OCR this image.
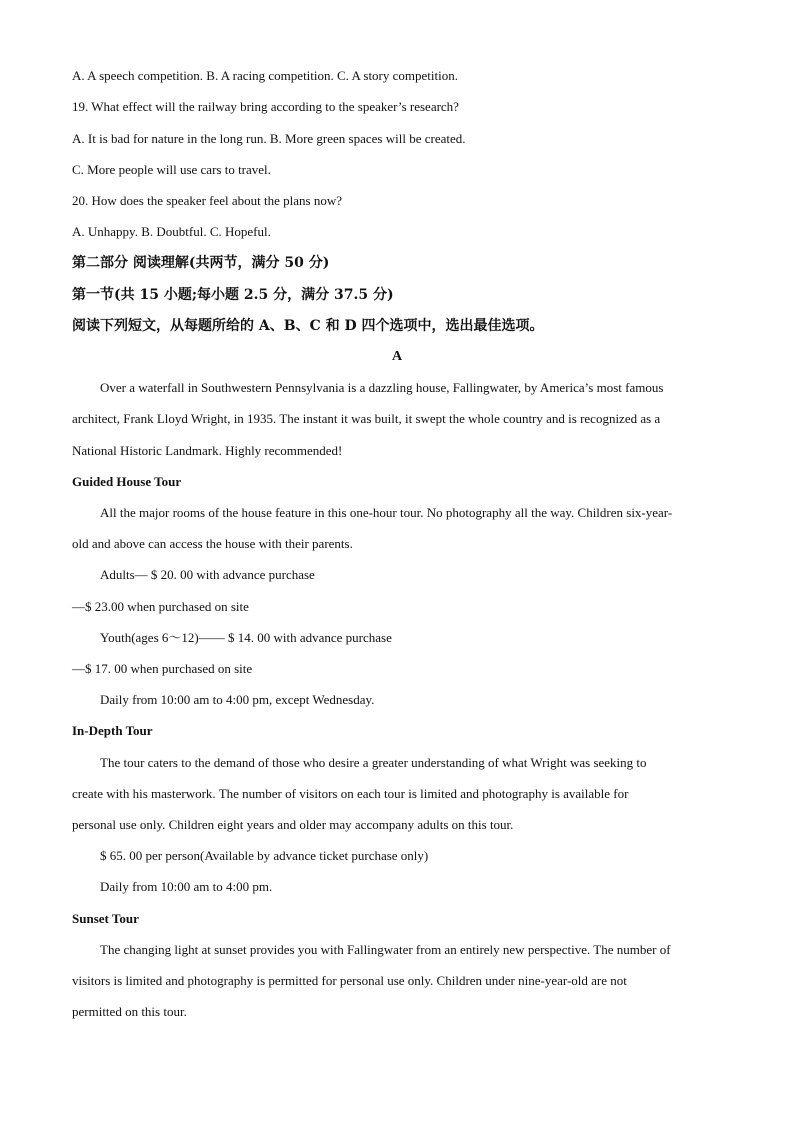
A. A speech competition. B. A racing competition. C. A story competition.
19. What effect will the railway bring according to the speaker’s research?
A. It is bad for nature in the long run. B. More green spaces will be created.
C. More people will use cars to travel.
20. How does the speaker feel about the plans now?
A. Unhappy. B. Doubtful. C. Hopeful.
第二部分 阅读理解(共两节，满分 50 分)
第一节(共 15 小题;每小题 2.5 分，满分 37.5 分)
阅读下列短文，从每题所给的 A、B、C 和 D 四个选项中，选出最佳选项。
A
Over a waterfall in Southwestern Pennsylvania is a dazzling house, Fallingwater, by America’s most famous
architect, Frank Lloyd Wright, in 1935. The instant it was built, it swept the whole country and is recognized as a
National Historic Landmark. Highly recommended!
Guided House Tour
All the major rooms of the house feature in this one-hour tour. No photography all the way. Children six-year-
old and above can access the house with their parents.
Adults— $ 20. 00 with advance purchase
—$ 23.00 when purchased on site
Youth(ages 6～12)—— $ 14. 00 with advance purchase
—$ 17. 00 when purchased on site
Daily from 10:00 am to 4:00 pm, except Wednesday.
In-Depth Tour
The tour caters to the demand of those who desire a greater understanding of what Wright was seeking to
create with his masterwork. The number of visitors on each tour is limited and photography is available for
personal use only. Children eight years and older may accompany adults on this tour.
$ 65. 00 per person(Available by advance ticket purchase only)
Daily from 10:00 am to 4:00 pm.
Sunset Tour
The changing light at sunset provides you with Fallingwater from an entirely new perspective. The number of
visitors is limited and photography is permitted for personal use only. Children under nine-year-old are not
permitted on this tour.
